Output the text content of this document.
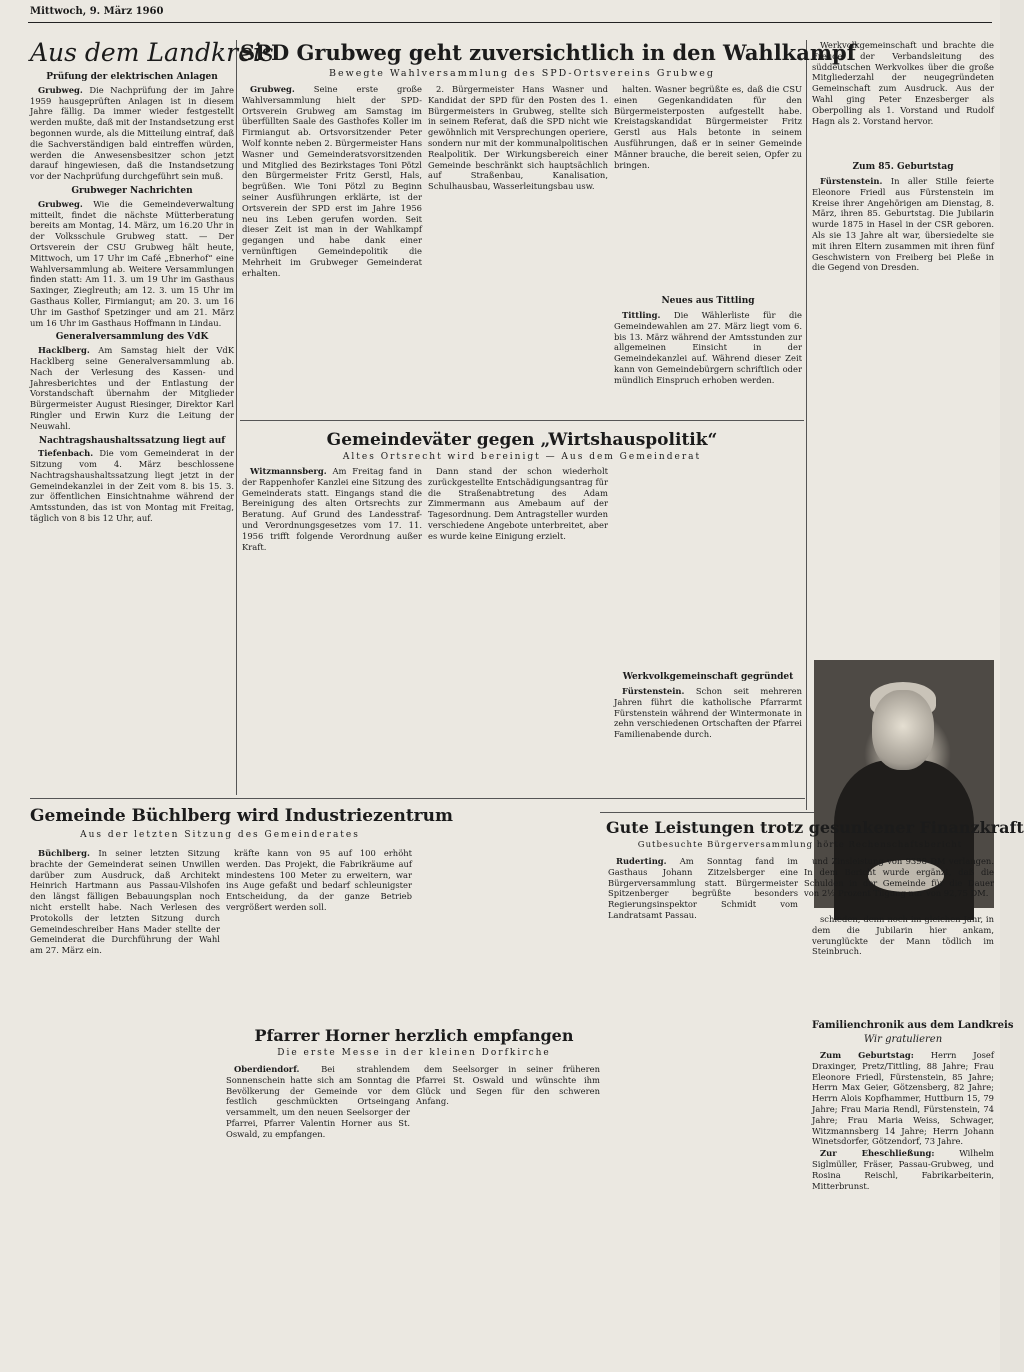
Mittwoch, 9. März 1960
Aus dem Landkreis
Prüfung der elektrischen Anlagen

Grubweg. Die Nachprüfung der im Jahre 1959 hausgeprüften Anlagen ist in diesem Jahre fällig. Da immer wieder festgestellt werden mußte, daß mit der Instandsetzung erst begonnen wurde, als die Mitteilung eintraf, daß die Sachverständigen bald eintreffen würden, werden die Anwesensbesitzer schon jetzt darauf hingewiesen, daß die Instandsetzung vor der Nachprüfung durchgeführt sein muß.

Grubweger Nachrichten

Grubweg. Wie die Gemeindeverwaltung mitteilt, findet die nächste Mütterberatung bereits am Montag, 14. März, um 16.20 Uhr in der Volksschule Grubweg statt. — Der Ortsverein der CSU Grubweg hält heute, Mittwoch, um 17 Uhr im Café „Ebnerhof“ eine Wahlversammlung ab. Weitere Versammlungen finden statt: Am 11. 3. um 19 Uhr im Gasthaus Saxinger, Zieglreuth; am 12. 3. um 15 Uhr im Gasthaus Koller, Firmiangut; am 20. 3. um 16 Uhr im Gasthof Spetzinger und am 21. März um 16 Uhr im Gasthaus Hoffmann in Lindau.

Generalversammlung des VdK

Hacklberg. Am Samstag hielt der VdK Hacklberg seine Generalversammlung ab. Nach der Verlesung des Kassen- und Jahresberichtes und der Entlastung der Vorstandschaft übernahm der Mitglieder Bürgermeister August Riesinger, Direktor Karl Ringler und Erwin Kurz die Leitung der Neuwahl.

Nachtragshaushaltssatzung liegt auf

Tiefenbach. Die vom Gemeinderat in der Sitzung vom 4. März beschlossene Nachtragshaushaltssatzung liegt jetzt in der Gemeindekanzlei in der Zeit vom 8. bis 15. 3. zur öffentlichen Einsichtnahme während der Amtsstunden, das ist von Montag mit Freitag, täglich von 8 bis 12 Uhr, auf.

SPD Grubweg geht zuversichtlich in den Wahlkampf
Bewegte Wahlversammlung des SPD-Ortsvereins Grubweg

Grubweg. Seine erste große Wahlversammlung hielt der SPD-Ortsverein Grubweg am Samstag im überfüllten Saale des Gasthofes Koller im Firmiangut ab. Ortsvorsitzender Peter Wolf konnte neben 2. Bürgermeister Hans Wasner und Gemeinderatsvorsitzenden und Mitglied des Bezirkstages Toni Pötzl den Bürgermeister Fritz Gerstl, Hals, begrüßen. Wie Toni Pötzl zu Beginn seiner Ausführungen erklärte, ist der Ortsverein der SPD erst im Jahre 1956 neu ins Leben gerufen worden. Seit dieser Zeit ist man in der Wahlkampf gegangen und habe dank einer vernünftigen Gemeindepolitik die Mehrheit im Grubweger Gemeinderat erhalten.

2. Bürgermeister Hans Wasner und Kandidat der SPD für den Posten des 1. Bürgermeisters in Grubweg, stellte sich in seinem Referat, daß die SPD nicht wie gewöhnlich mit Versprechungen operiere, sondern nur mit der kommunalpolitischen Realpolitik. Der Wirkungsbereich einer Gemeinde beschränkt sich hauptsächlich auf Straßenbau, Kanalisation, Schulhausbau, Wasserleitungsbau usw.

halten. Wasner begrüßte es, daß die CSU einen Gegenkandidaten für den Bürgermeisterposten aufgestellt habe. Kreistagskandidat Bürgermeister Fritz Gerstl aus Hals betonte in seinem Ausführungen, daß er in seiner Gemeinde Männer brauche, die bereit seien, Opfer zu bringen.

Werkvolkgemeinschaft und brachte die Freude der Verbandsleitung des süddeutschen Werkvolkes über die große Mitgliederzahl der neugegründeten Gemeinschaft zum Ausdruck. Aus der Wahl ging Peter Enzesberger als Oberpolling als 1. Vorstand und Rudolf Hagn als 2. Vorstand hervor.

Zum 85. Geburtstag

Fürstenstein. In aller Stille feierte Eleonore Friedl aus Fürstenstein im Kreise ihrer Angehörigen am Dienstag, 8. März, ihren 85. Geburtstag. Die Jubilarin wurde 1875 in Hasel in der CSR geboren. Als sie 13 Jahre alt war, übersiedelte sie mit ihren Eltern zusammen mit ihren fünf Geschwistern von Freiberg bei Pleße in die Gegend von Dresden.

schieden, denn noch im gleichen Jahr, in dem die Jubilarin hier ankam, verunglückte der Mann tödlich im Steinbruch.

Familienchronik aus dem Landkreis
Wir gratulieren

Zum Geburtstag: Herrn Josef Draxinger, Pretz/Tittling, 88 Jahre; Frau Eleonore Friedl, Fürstenstein, 85 Jahre; Herrn Max Geier, Götzensberg, 82 Jahre; Herrn Alois Kopfhammer, Huttburn 15, 79 Jahre; Frau Maria Rendl, Fürstenstein, 74 Jahre; Frau Maria Weiss, Schwager, Witzmannsberg 14 Jahre; Herrn Johann Winetsdorfer, Götzendorf, 73 Jahre.

Zur Eheschließung:	Wilhelm Siglmüller, Fräser, Passau-Grubweg, und Rosina Reischl, Fabrikarbeiterin, Mitterbrunst.

Gemeindeväter gegen „Wirtshauspolitik“
Altes Ortsrecht wird bereinigt — Aus dem Gemeinderat

Witzmannsberg. Am Freitag fand in der Rappenhofer Kanzlei eine Sitzung des Gemeinderats statt. Eingangs stand die Bereinigung des alten Ortsrechts zur Beratung. Auf Grund des Landesstraf- und Verordnungsgesetzes vom 17. 11. 1956 trifft folgende Verordnung außer Kraft.

Dann stand der schon wiederholt zurückgestellte Entschädigungsantrag für die Straßenabtretung des Adam Zimmermann aus Amebaum auf der Tagesordnung. Dem Antragsteller wurden verschiedene Angebote unterbreitet, aber es wurde keine Einigung erzielt.

Neues aus Tittling

Tittling. Die Wählerliste für die Gemeindewahlen am 27. März liegt vom 6. bis 13. März während der Amtsstunden zur allgemeinen Einsicht in der Gemeindekanzlei auf. Während dieser Zeit kann von Gemeindebürgern schriftlich oder mündlich Einspruch erhoben werden.

Werkvolkgemeinschaft gegründet

Fürstenstein. Schon seit mehreren Jahren führt die katholische Pfarrarmt Fürstenstein während der Wintermonate in zehn verschiedenen Ortschaften der Pfarrei Familienabende durch.

Gemeinde Büchlberg wird Industriezentrum
Aus der letzten Sitzung des Gemeinderates

Büchlberg. In seiner letzten Sitzung brachte der Gemeinderat seinen Unwillen darüber zum Ausdruck, daß Architekt Heinrich Hartmann aus Passau-Vilshofen den längst fälligen Bebauungsplan noch nicht erstellt habe. Nach Verlesen des Protokolls der letzten Sitzung durch Gemeindeschreiber Hans Mader stellte der Gemeinderat die Durchführung der Wahl am 27. März ein.

kräfte kann von 95 auf 100 erhöht werden. Das Projekt, die Fabrikräume auf mindestens 100 Meter zu erweitern, war ins Auge gefaßt und bedarf schleunigster Entscheidung, da der ganze Betrieb vergrößert werden soll.

Pfarrer Horner herzlich empfangen
Die erste Messe in der kleinen Dorfkirche

Oberdiendorf.	Bei strahlendem Sonnenschein hatte sich am Sonntag die Bevölkerung der Gemeinde vor dem festlich geschmückten Ortseingang versammelt, um den neuen Seelsorger der Pfarrei, Pfarrer Valentin Horner aus St. Oswald, zu empfangen.

dem Seelsorger in seiner früheren Pfarrei St. Oswald und wünschte ihm Glück und Segen für den schweren Anfang.

Gute Leistungen trotz gesunkener Finanzkraft
Gutbesuchte Bürgerversammlung hörte Rechenschaftsbericht

Ruderting. Am Sonntag fand im Gasthaus Johann Zitzelsberger eine Bürgerversammlung statt. Bürgermeister Spitzenberger begrüßte besonders Regierungsinspektor Schmidt vom Landratsamt Passau.

und Zinsleistung von 9398 DM verlangen. In dem Bericht wurde ergänzt, daß die Schulden in der Gemeinde für die Dauer von 2½ Prozent Tilgung nur von 92,75 DM.
